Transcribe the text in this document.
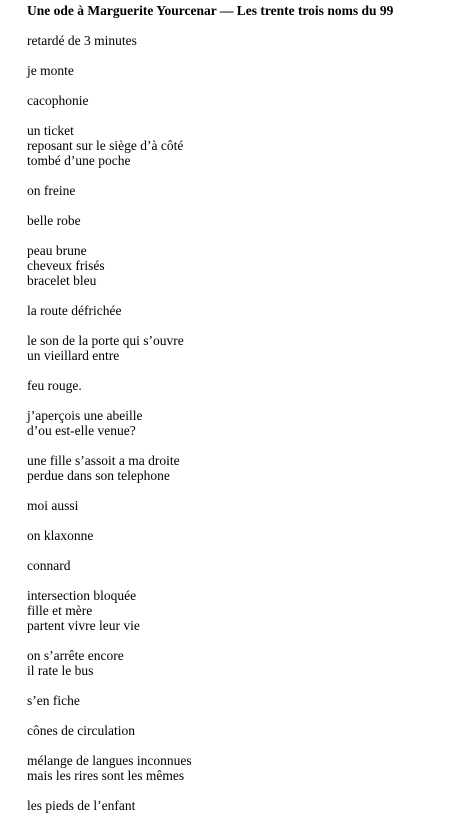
Une ode à Marguerite Yourcenar — Les trente trois noms du 99
retardé de 3 minutes
je monte
cacophonie
un ticket
reposant sur le siège d’à côté
tombé d’une poche
on freine
belle robe
peau brune
cheveux frisés
bracelet bleu
la route défrichée
le son de la porte qui s’ouvre
un vieillard entre
feu rouge.
j’aperçois une abeille
d’ou est-elle venue?
une fille s’assoit a ma droite
perdue dans son telephone
moi aussi
on klaxonne
connard
intersection bloquée
fille et mère
partent vivre leur vie
on s’arrête encore
il rate le bus
s’en fiche
cônes de circulation
mélange de langues inconnues
mais les rires sont les mêmes
les pieds de l’enfant
